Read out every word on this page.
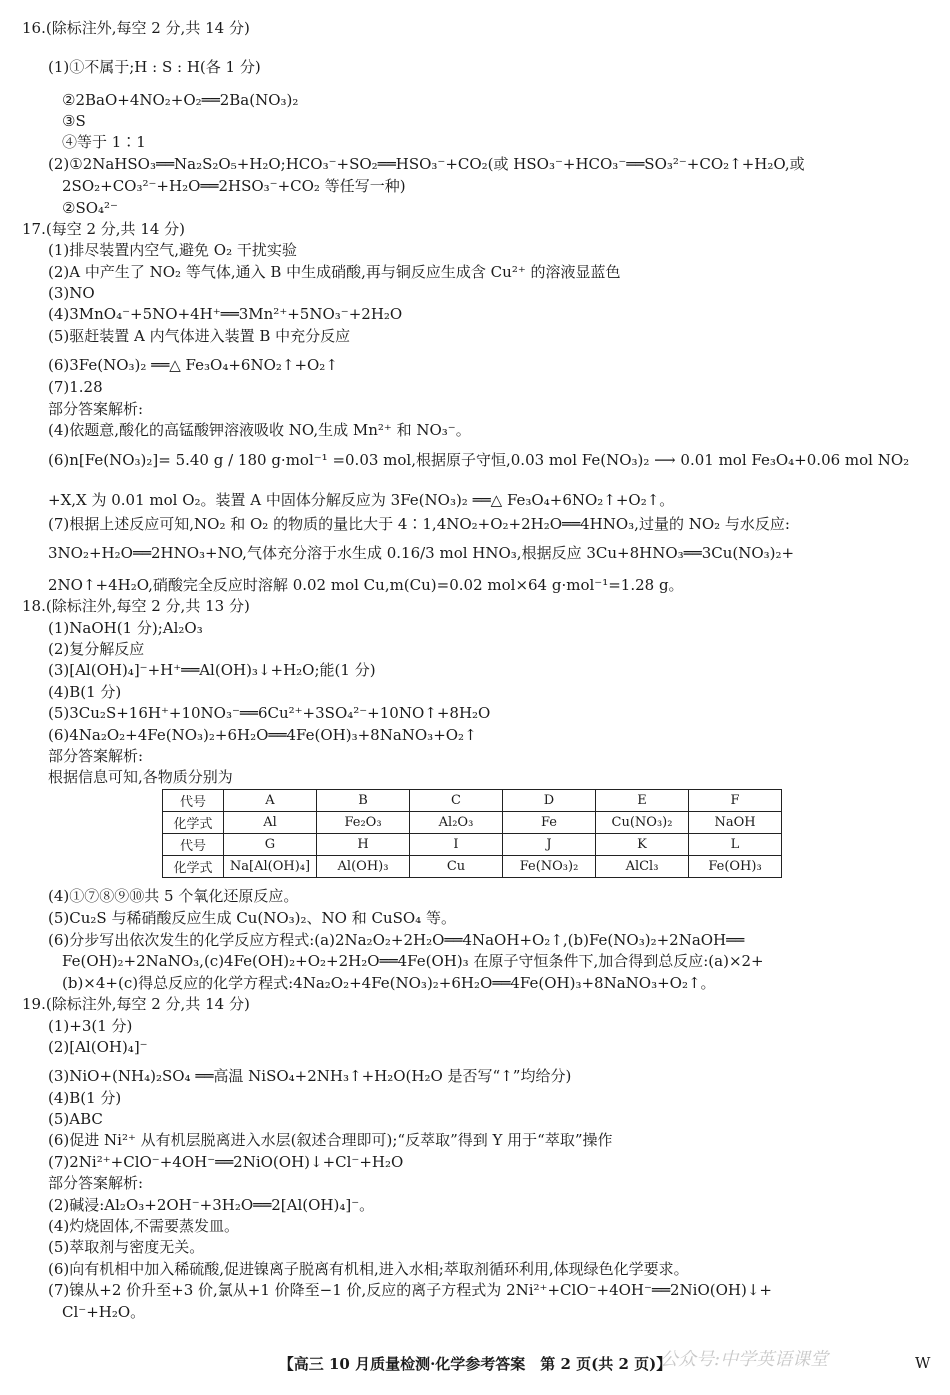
16.(除标注外,每空 2 分,共 14 分)
(1)①不属于;H : S : H(各 1 分)
②2BaO+4NO₂+O₂══2Ba(NO₃)₂
③S
④等于 1∶1
(2)①2NaHSO₃══Na₂S₂O₅+H₂O;HCO₃⁻+SO₂══HSO₃⁻+CO₂(或 HSO₃⁻+HCO₃⁻══SO₃²⁻+CO₂↑+H₂O,或
2SO₂+CO₃²⁻+H₂O══2HSO₃⁻+CO₂ 等任写一种)
②SO₄²⁻
17.(每空 2 分,共 14 分)
(1)排尽装置内空气,避免 O₂ 干扰实验
(2)A 中产生了 NO₂ 等气体,通入 B 中生成硝酸,再与铜反应生成含 Cu²⁺ 的溶液显蓝色
(3)NO
(4)3MnO₄⁻+5NO+4H⁺══3Mn²⁺+5NO₃⁻+2H₂O
(5)驱赶装置 A 内气体进入装置 B 中充分反应
(6)3Fe(NO₃)₂ ══△ Fe₃O₄+6NO₂↑+O₂↑
(7)1.28
部分答案解析:
(4)依题意,酸化的高锰酸钾溶液吸收 NO,生成 Mn²⁺ 和 NO₃⁻。
(6)n[Fe(NO₃)₂]= 5.40 g / 180 g·mol⁻¹ =0.03 mol,根据原子守恒,0.03 mol Fe(NO₃)₂ ⟶ 0.01 mol Fe₃O₄+0.06 mol NO₂
+X,X 为 0.01 mol O₂。装置 A 中固体分解反应为 3Fe(NO₃)₂ ══△ Fe₃O₄+6NO₂↑+O₂↑。
(7)根据上述反应可知,NO₂ 和 O₂ 的物质的量比大于 4∶1,4NO₂+O₂+2H₂O══4HNO₃,过量的 NO₂ 与水反应:
3NO₂+H₂O══2HNO₃+NO,气体充分溶于水生成 0.16/3 mol HNO₃,根据反应 3Cu+8HNO₃══3Cu(NO₃)₂+
2NO↑+4H₂O,硝酸完全反应时溶解 0.02 mol Cu,m(Cu)=0.02 mol×64 g·mol⁻¹=1.28 g。
18.(除标注外,每空 2 分,共 13 分)
(1)NaOH(1 分);Al₂O₃
(2)复分解反应
(3)[Al(OH)₄]⁻+H⁺══Al(OH)₃↓+H₂O;能(1 分)
(4)B(1 分)
(5)3Cu₂S+16H⁺+10NO₃⁻══6Cu²⁺+3SO₄²⁻+10NO↑+8H₂O
(6)4Na₂O₂+4Fe(NO₃)₂+6H₂O══4Fe(OH)₃+8NaNO₃+O₂↑
部分答案解析:
根据信息可知,各物质分别为
代号	A	B	C	D	E	F
化学式	Al	Fe₂O₃	Al₂O₃	Fe	Cu(NO₃)₂	NaOH
代号	G	H	I	J	K	L
化学式	Na[Al(OH)₄]	Al(OH)₃	Cu	Fe(NO₃)₂	AlCl₃	Fe(OH)₃
(4)①⑦⑧⑨⑩共 5 个氧化还原反应。
(5)Cu₂S 与稀硝酸反应生成 Cu(NO₃)₂、NO 和 CuSO₄ 等。
(6)分步写出依次发生的化学反应方程式:(a)2Na₂O₂+2H₂O══4NaOH+O₂↑,(b)Fe(NO₃)₂+2NaOH══
Fe(OH)₂+2NaNO₃,(c)4Fe(OH)₂+O₂+2H₂O══4Fe(OH)₃ 在原子守恒条件下,加合得到总反应:(a)×2+
(b)×4+(c)得总反应的化学方程式:4Na₂O₂+4Fe(NO₃)₂+6H₂O══4Fe(OH)₃+8NaNO₃+O₂↑。
19.(除标注外,每空 2 分,共 14 分)
(1)+3(1 分)
(2)[Al(OH)₄]⁻
(3)NiO+(NH₄)₂SO₄ ══高温 NiSO₄+2NH₃↑+H₂O(H₂O 是否写“↑”均给分)
(4)B(1 分)
(5)ABC
(6)促进 Ni²⁺ 从有机层脱离进入水层(叙述合理即可);“反萃取”得到 Y 用于“萃取”操作
(7)2Ni²⁺+ClO⁻+4OH⁻══2NiO(OH)↓+Cl⁻+H₂O
部分答案解析:
(2)碱浸:Al₂O₃+2OH⁻+3H₂O══2[Al(OH)₄]⁻。
(4)灼烧固体,不需要蒸发皿。
(5)萃取剂与密度无关。
(6)向有机相中加入稀硫酸,促进镍离子脱离有机相,进入水相;萃取剂循环利用,体现绿色化学要求。
(7)镍从+2 价升至+3 价,氯从+1 价降至−1 价,反应的离子方程式为 2Ni²⁺+ClO⁻+4OH⁻══2NiO(OH)↓+
Cl⁻+H₂O。
【高三 10 月质量检测·化学参考答案　第 2 页(共 2 页)】
公众号:中学英语课堂	W
